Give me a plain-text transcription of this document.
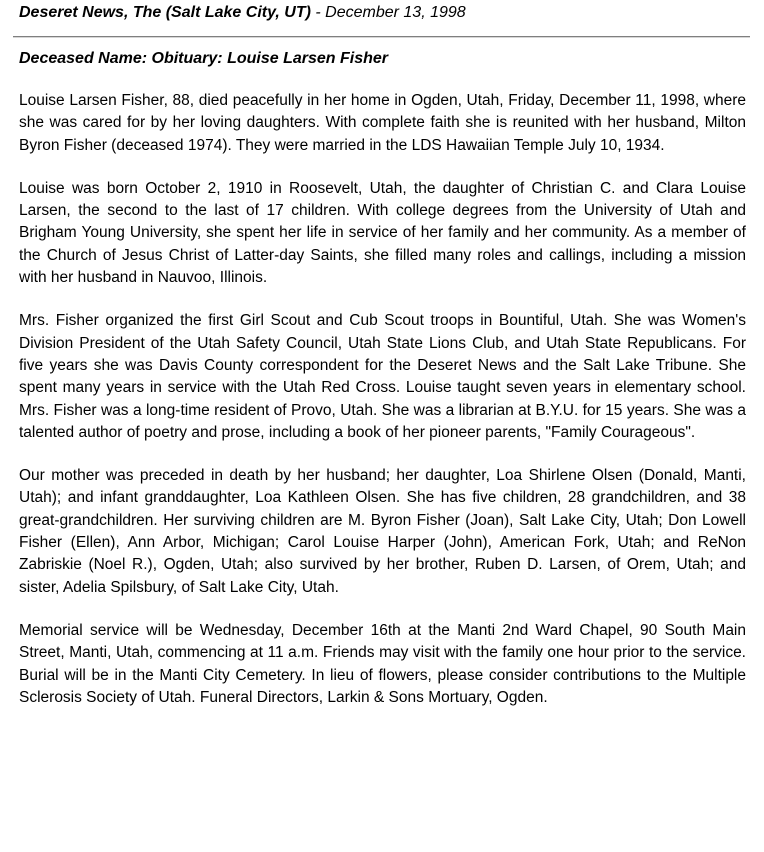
Deseret News, The (Salt Lake City, UT) - December 13, 1998
Deceased Name: Obituary: Louise Larsen Fisher

Louise Larsen Fisher, 88, died peacefully in her home in Ogden, Utah, Friday, December 11, 1998, where she was cared for by her loving daughters. With complete faith she is reunited with her husband, Milton Byron Fisher (deceased 1974). They were married in the LDS Hawaiian Temple July 10, 1934.

Louise was born October 2, 1910 in Roosevelt, Utah, the daughter of Christian C. and Clara Louise Larsen, the second to the last of 17 children. With college degrees from the University of Utah and Brigham Young University, she spent her life in service of her family and her community. As a member of the Church of Jesus Christ of Latter-day Saints, she filled many roles and callings, including a mission with her husband in Nauvoo, Illinois.

Mrs. Fisher organized the first Girl Scout and Cub Scout troops in Bountiful, Utah. She was Women's Division President of the Utah Safety Council, Utah State Lions Club, and Utah State Republicans. For five years she was Davis County correspondent for the Deseret News and the Salt Lake Tribune. She spent many years in service with the Utah Red Cross. Louise taught seven years in elementary school. Mrs. Fisher was a long-time resident of Provo, Utah. She was a librarian at B.Y.U. for 15 years. She was a talented author of poetry and prose, including a book of her pioneer parents, "Family Courageous".

Our mother was preceded in death by her husband; her daughter, Loa Shirlene Olsen (Donald, Manti, Utah); and infant granddaughter, Loa Kathleen Olsen. She has five children, 28 grandchildren, and 38 great-grandchildren. Her surviving children are M. Byron Fisher (Joan), Salt Lake City, Utah; Don Lowell Fisher (Ellen), Ann Arbor, Michigan; Carol Louise Harper (John), American Fork, Utah; and ReNon Zabriskie (Noel R.), Ogden, Utah; also survived by her brother, Ruben D. Larsen, of Orem, Utah; and sister, Adelia Spilsbury, of Salt Lake City, Utah.

Memorial service will be Wednesday, December 16th at the Manti 2nd Ward Chapel, 90 South Main Street, Manti, Utah, commencing at 11 a.m. Friends may visit with the family one hour prior to the service. Burial will be in the Manti City Cemetery. In lieu of flowers, please consider contributions to the Multiple Sclerosis Society of Utah. Funeral Directors, Larkin & Sons Mortuary, Ogden.
